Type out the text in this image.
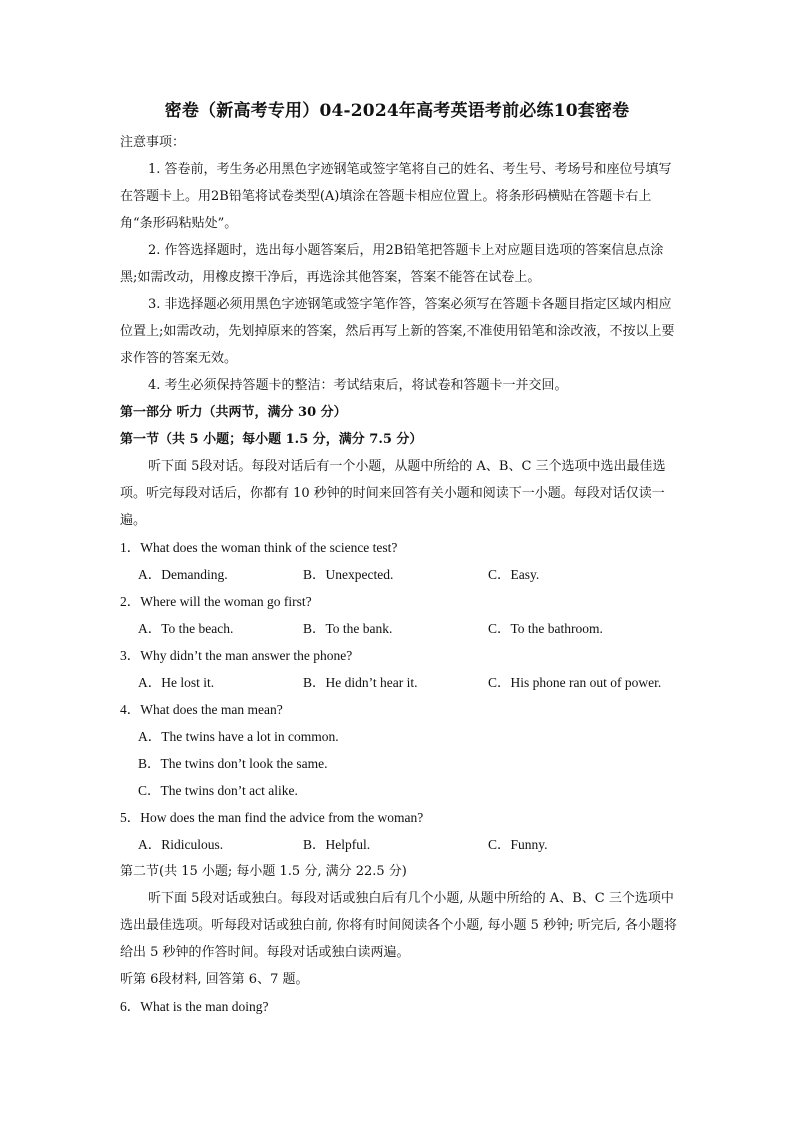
密卷（新高考专用）04-2024年高考英语考前必练10套密卷

注意事项：

1. 答卷前，考生务必用黑色字迹钢笔或签字笔将自己的姓名、考生号、考场号和座位号填写在答题卡上。用2B铅笔将试卷类型(A)填涂在答题卡相应位置上。将条形码横贴在答题卡右上角“条形码粘贴处”。

2. 作答选择题时，选出每小题答案后，用2B铅笔把答题卡上对应题目选项的答案信息点涂黑;如需改动，用橡皮擦干净后，再选涂其他答案，答案不能答在试卷上。

3. 非选择题必须用黑色字迹钢笔或签字笔作答，答案必须写在答题卡各题目指定区域内相应位置上;如需改动，先划掉原来的答案，然后再写上新的答案,不准使用铅笔和涂改液，不按以上要求作答的答案无效。

4. 考生必须保持答题卡的整洁：考试结束后，将试卷和答题卡一并交回。

第一部分 听力（共两节，满分 30 分）

第一节（共 5 小题；每小题 1.5 分，满分 7.5 分）

听下面 5段对话。每段对话后有一个小题，从题中所给的 A、B、C 三个选项中选出最佳选项。听完每段对话后，你都有 10 秒钟的时间来回答有关小题和阅读下一小题。每段对话仅读一遍。

1．What does the woman think of the science test?

A．Demanding.	B．Unexpected.	C．Easy.

2．Where will the woman go first?

A．To the beach.	B．To the bank.	C．To the bathroom.

3．Why didn’t the man answer the phone?

A．He lost it.	B．He didn’t hear it.	C．His phone ran out of power.

4．What does the man mean?

A．The twins have a lot in common.

B．The twins don’t look the same.

C．The twins don’t act alike.

5．How does the man find the advice from the woman?

A．Ridiculous.	B．Helpful.	C．Funny.

第二节(共 15 小题; 每小题 1.5 分, 满分 22.5 分)

听下面 5段对话或独白。每段对话或独白后有几个小题, 从题中所给的 A、B、C 三个选项中选出最佳选项。听每段对话或独白前, 你将有时间阅读各个小题, 每小题 5 秒钟; 听完后, 各小题将给出 5 秒钟的作答时间。每段对话或独白读两遍。

听第 6段材料, 回答第 6、7 题。

6．What is the man doing?
